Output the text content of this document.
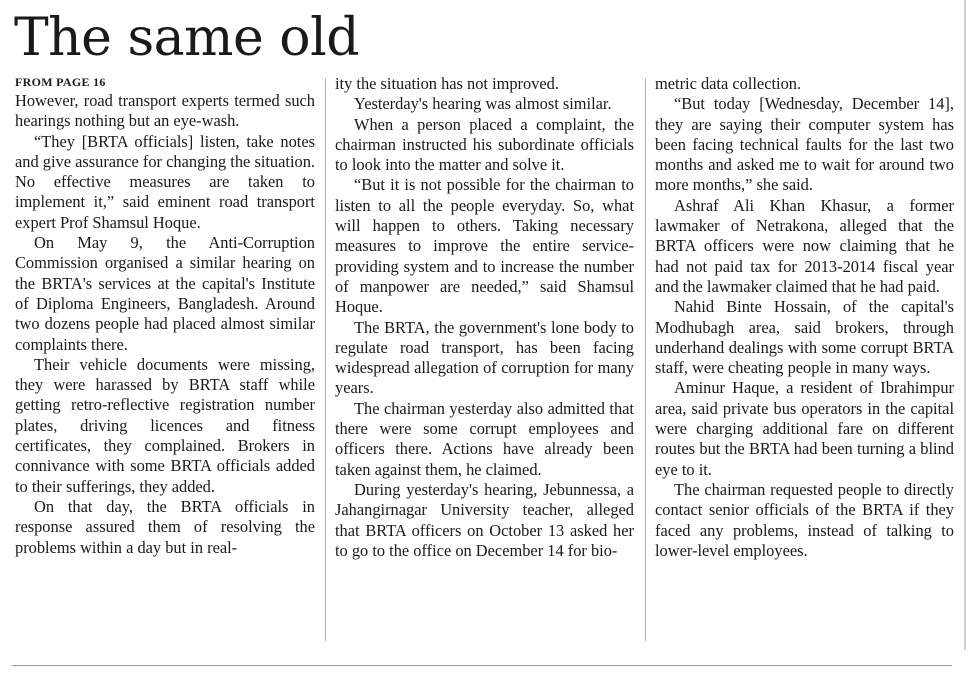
The same old
FROM PAGE 16

However, road transport experts termed such hearings nothing but an eye-wash.

“They [BRTA officials] listen, take notes and give assurance for changing the situation. No effective measures are taken to implement it,” said eminent road transport expert Prof Shamsul Hoque.

On May 9, the Anti-Corruption Commission organised a similar hearing on the BRTA's services at the capital's Institute of Diploma Engineers, Bangladesh. Around two dozens people had placed almost similar complaints there.

Their vehicle documents were missing, they were harassed by BRTA staff while getting retro-reflective registration number plates, driving licences and fitness certificates, they complained. Brokers in connivance with some BRTA officials added to their sufferings, they added.

On that day, the BRTA officials in response assured them of resolving the problems within a day but in real-

ity the situation has not improved.

Yesterday's hearing was almost similar.

When a person placed a complaint, the chairman instructed his subordinate officials to look into the matter and solve it.

“But it is not possible for the chairman to listen to all the people everyday. So, what will happen to others. Taking necessary measures to improve the entire service-providing system and to increase the number of manpower are needed,” said Shamsul Hoque.

The BRTA, the government's lone body to regulate road transport, has been facing widespread allegation of corruption for many years.

The chairman yesterday also admitted that there were some corrupt employees and officers there. Actions have already been taken against them, he claimed.

During yesterday's hearing, Jebunnessa, a Jahangirnagar University teacher, alleged that BRTA officers on October 13 asked her to go to the office on December 14 for bio-

metric data collection.

“But today [Wednesday, December 14], they are saying their computer system has been facing technical faults for the last two months and asked me to wait for around two more months,” she said.

Ashraf Ali Khan Khasur, a former lawmaker of Netrakona, alleged that the BRTA officers were now claiming that he had not paid tax for 2013-2014 fiscal year and the lawmaker claimed that he had paid.

Nahid Binte Hossain, of the capital's Modhubagh area, said brokers, through underhand dealings with some corrupt BRTA staff, were cheating people in many ways.

Aminur Haque, a resident of Ibrahimpur area, said private bus operators in the capital were charging additional fare on different routes but the BRTA had been turning a blind eye to it.

The chairman requested people to directly contact senior officials of the BRTA if they faced any problems, instead of talking to lower-level employees.
